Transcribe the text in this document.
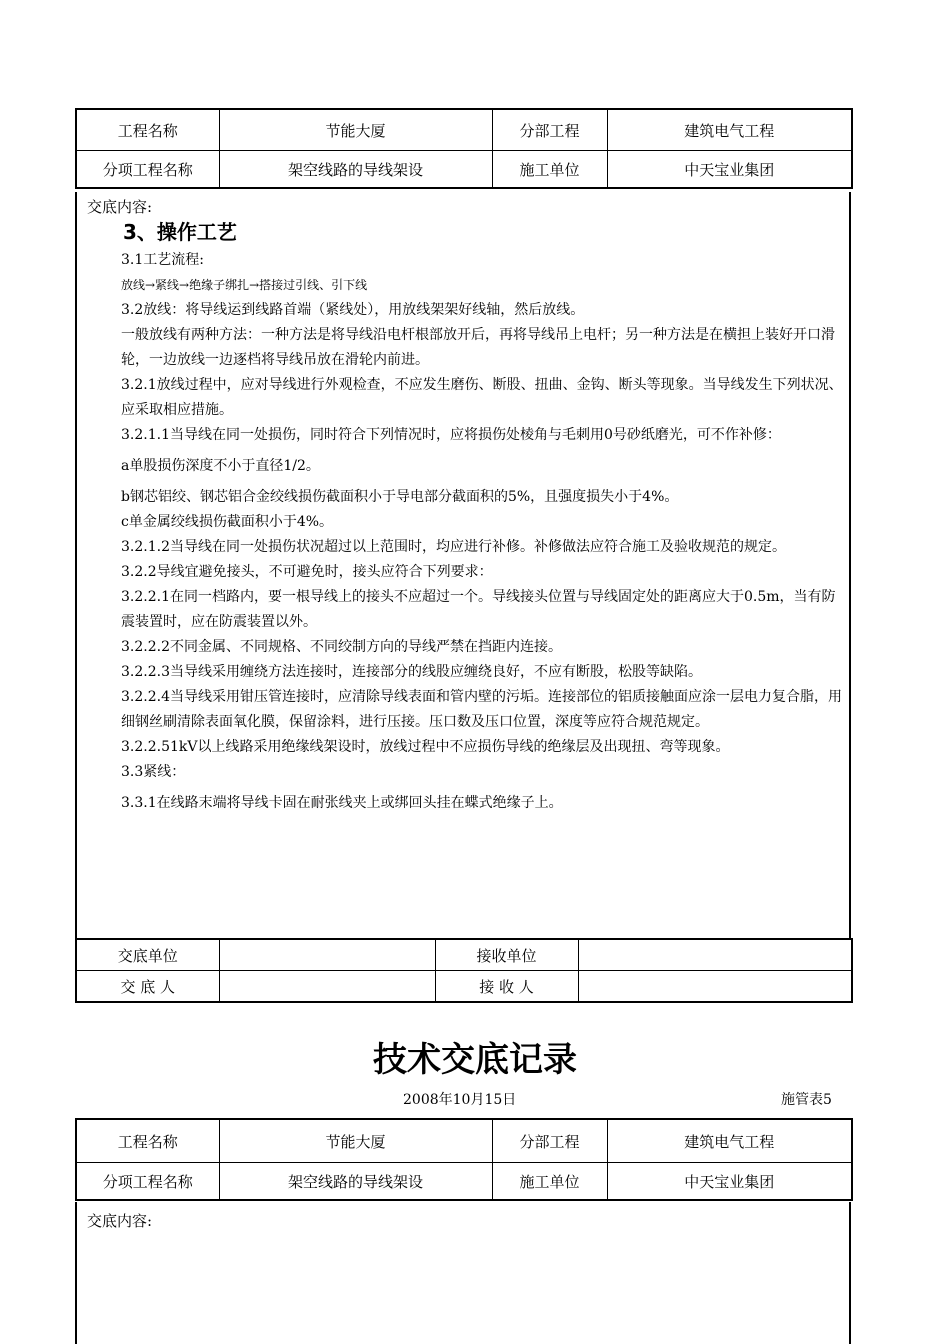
工程名称	节能大厦	分部工程	建筑电气工程
分项工程名称	架空线路的导线架设	施工单位	中天宝业集团
交底内容:
3、操作工艺

3.1工艺流程:

放线→紧线→绝缘子绑扎→搭接过引线、引下线

3.2放线：将导线运到线路首端（紧线处），用放线架架好线轴，然后放线。

一般放线有两种方法：一种方法是将导线沿电杆根部放开后，再将导线吊上电杆；另一种方法是在横担上装好开口滑轮，一边放线一边逐档将导线吊放在滑轮内前进。

3.2.1放线过程中，应对导线进行外观检查，不应发生磨伤、断股、扭曲、金钩、断头等现象。当导线发生下列状况、应采取相应措施。

3.2.1.1当导线在同一处损伤，同时符合下列情况时，应将损伤处棱角与毛刺用0号砂纸磨光，可不作补修：

a单股损伤深度不小于直径1/2。

b钢芯铝绞、钢芯铝合金绞线损伤截面积小于导电部分截面积的5%，且强度损失小于4%。

c单金属绞线损伤截面积小于4%。

3.2.1.2当导线在同一处损伤状况超过以上范围时，均应进行补修。补修做法应符合施工及验收规范的规定。

3.2.2导线宜避免接头，不可避免时，接头应符合下列要求：

3.2.2.1在同一档路内，要一根导线上的接头不应超过一个。导线接头位置与导线固定处的距离应大于0.5m，当有防震装置时，应在防震装置以外。

3.2.2.2不同金属、不同规格、不同绞制方向的导线严禁在挡距内连接。

3.2.2.3当导线采用缠绕方法连接时，连接部分的线股应缠绕良好，不应有断股，松股等缺陷。

3.2.2.4当导线采用钳压管连接时，应清除导线表面和管内壁的污垢。连接部位的铝质接触面应涂一层电力复合脂，用细钢丝刷清除表面氧化膜，保留涂料，进行压接。压口数及压口位置，深度等应符合规范规定。

3.2.2.51kV以上线路采用绝缘线架设时，放线过程中不应损伤导线的绝缘层及出现扭、弯等现象。

3.3紧线：

3.3.1在线路末端将导线卡固在耐张线夹上或绑回头挂在蝶式绝缘子上。

交底单位		接收单位	
交 底 人		接 收 人	
技术交底记录
2008年10月15日	施管表5
工程名称	节能大厦	分部工程	建筑电气工程
分项工程名称	架空线路的导线架设	施工单位	中天宝业集团
交底内容:
